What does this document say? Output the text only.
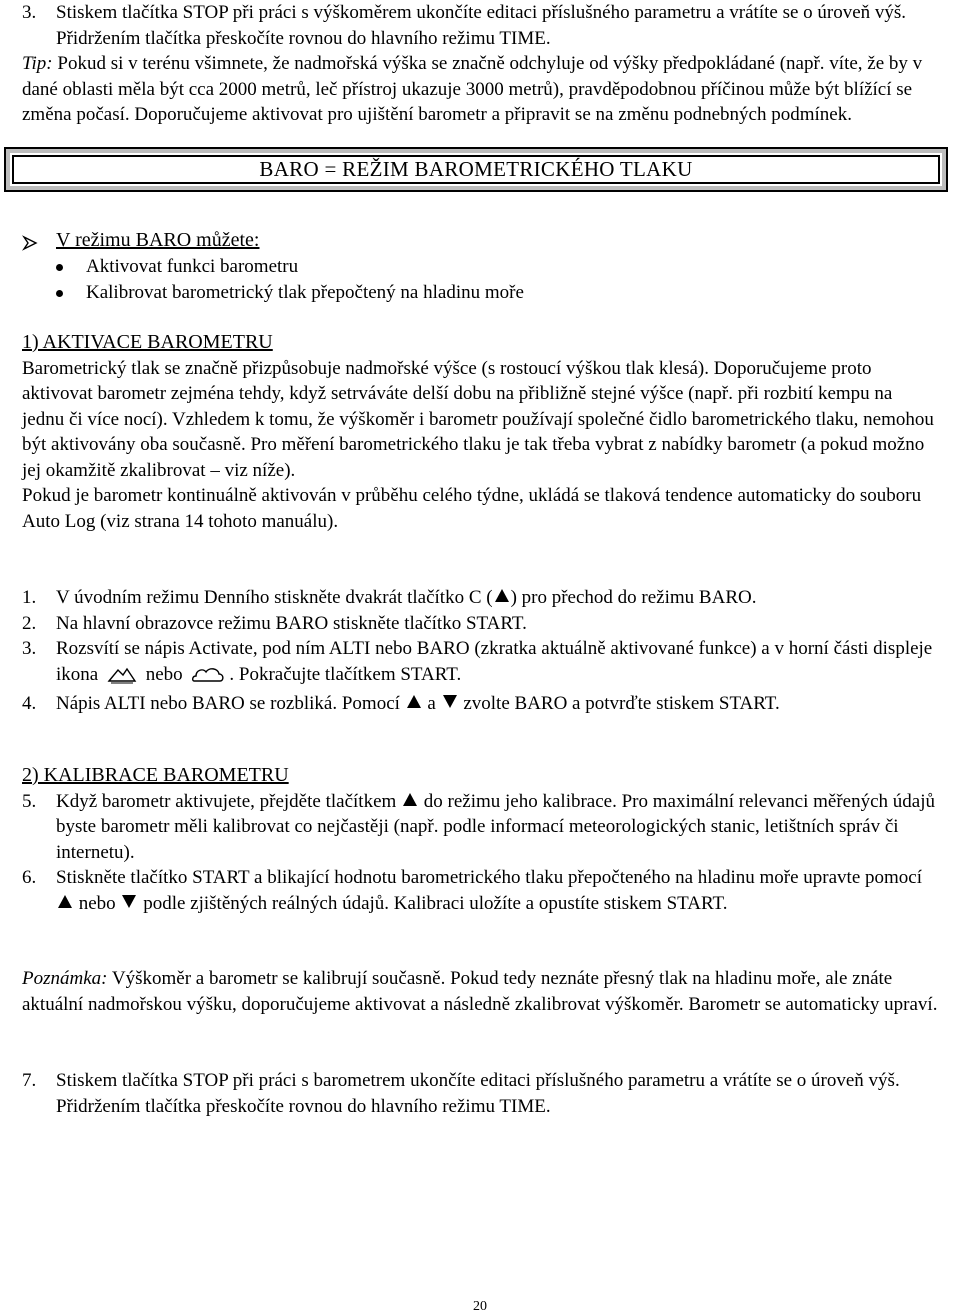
3. Stiskem tlačítka STOP při práci s výškoměrem ukončíte editaci příslušného parametru a vrátíte se o úroveň výš. Přidržením tlačítka přeskočíte rovnou do hlavního režimu TIME.

Tip: Pokud si v terénu všimnete, že nadmořská výška se značně odchyluje od výšky předpokládané (např. víte, že by v dané oblasti měla být cca 2000 metrů, leč přístroj ukazuje 3000 metrů), pravděpodobnou příčinou může být blížící se změna počasí. Doporučujeme aktivovat pro ujištění barometr a připravit se na změnu podnebných podmínek.

BARO = REŽIM BAROMETRICKÉHO TLAKU
V režimu BARO můžete:
Aktivovat funkci barometru
Kalibrovat barometrický tlak přepočtený na hladinu moře

1) AKTIVACE BAROMETRU

Barometrický tlak se značně přizpůsobuje nadmořské výšce (s rostoucí výškou tlak klesá). Doporučujeme proto aktivovat barometr zejména tehdy, když setrváváte delší dobu na přibližně stejné výšce (např. při rozbití kempu na jednu či více nocí). Vzhledem k tomu, že výškoměr i barometr používají společné čidlo barometrického tlaku, nemohou být aktivovány oba současně. Pro měření barometrického tlaku je tak třeba vybrat z nabídky barometr (a pokud možno jej okamžitě zkalibrovat – viz níže).

Pokud je barometr kontinuálně aktivován v průběhu celého týdne, ukládá se tlaková tendence automaticky do souboru Auto Log (viz strana 14 tohoto manuálu).

1. V úvodním režimu Denního stiskněte dvakrát tlačítko C ( ) pro přechod do režimu BARO.
2. Na hlavní obrazovce režimu BARO stiskněte tlačítko START.
3. Rozsvítí se nápis Activate, pod ním ALTI nebo BARO (zkratka aktuálně aktivované funkce) a v horní části displeje ikona  nebo . Pokračujte tlačítkem START.
4. Nápis ALTI nebo BARO se rozbliká. Pomocí  a  zvolte BARO a potvrďte stiskem START.

2) KALIBRACE BAROMETRU

5. Když barometr aktivujete, přejděte tlačítkem  do režimu jeho kalibrace. Pro maximální relevanci měřených údajů byste barometr měli kalibrovat co nejčastěji (např. podle informací meteorologických stanic, letištních správ či internetu).
6. Stiskněte tlačítko START a blikající hodnotu barometrického tlaku přepočteného na hladinu moře upravte pomocí  nebo  podle zjištěných reálných údajů. Kalibraci uložíte a opustíte stiskem START.

Poznámka: Výškoměr a barometr se kalibrují současně. Pokud tedy neznáte přesný tlak na hladinu moře, ale znáte aktuální nadmořskou výšku, doporučujeme aktivovat a následně zkalibrovat výškoměr. Barometr se automaticky upraví.

7. Stiskem tlačítka STOP při práci s barometrem ukončíte editaci příslušného parametru a vrátíte se o úroveň výš. Přidržením tlačítka přeskočíte rovnou do hlavního režimu TIME.
20
